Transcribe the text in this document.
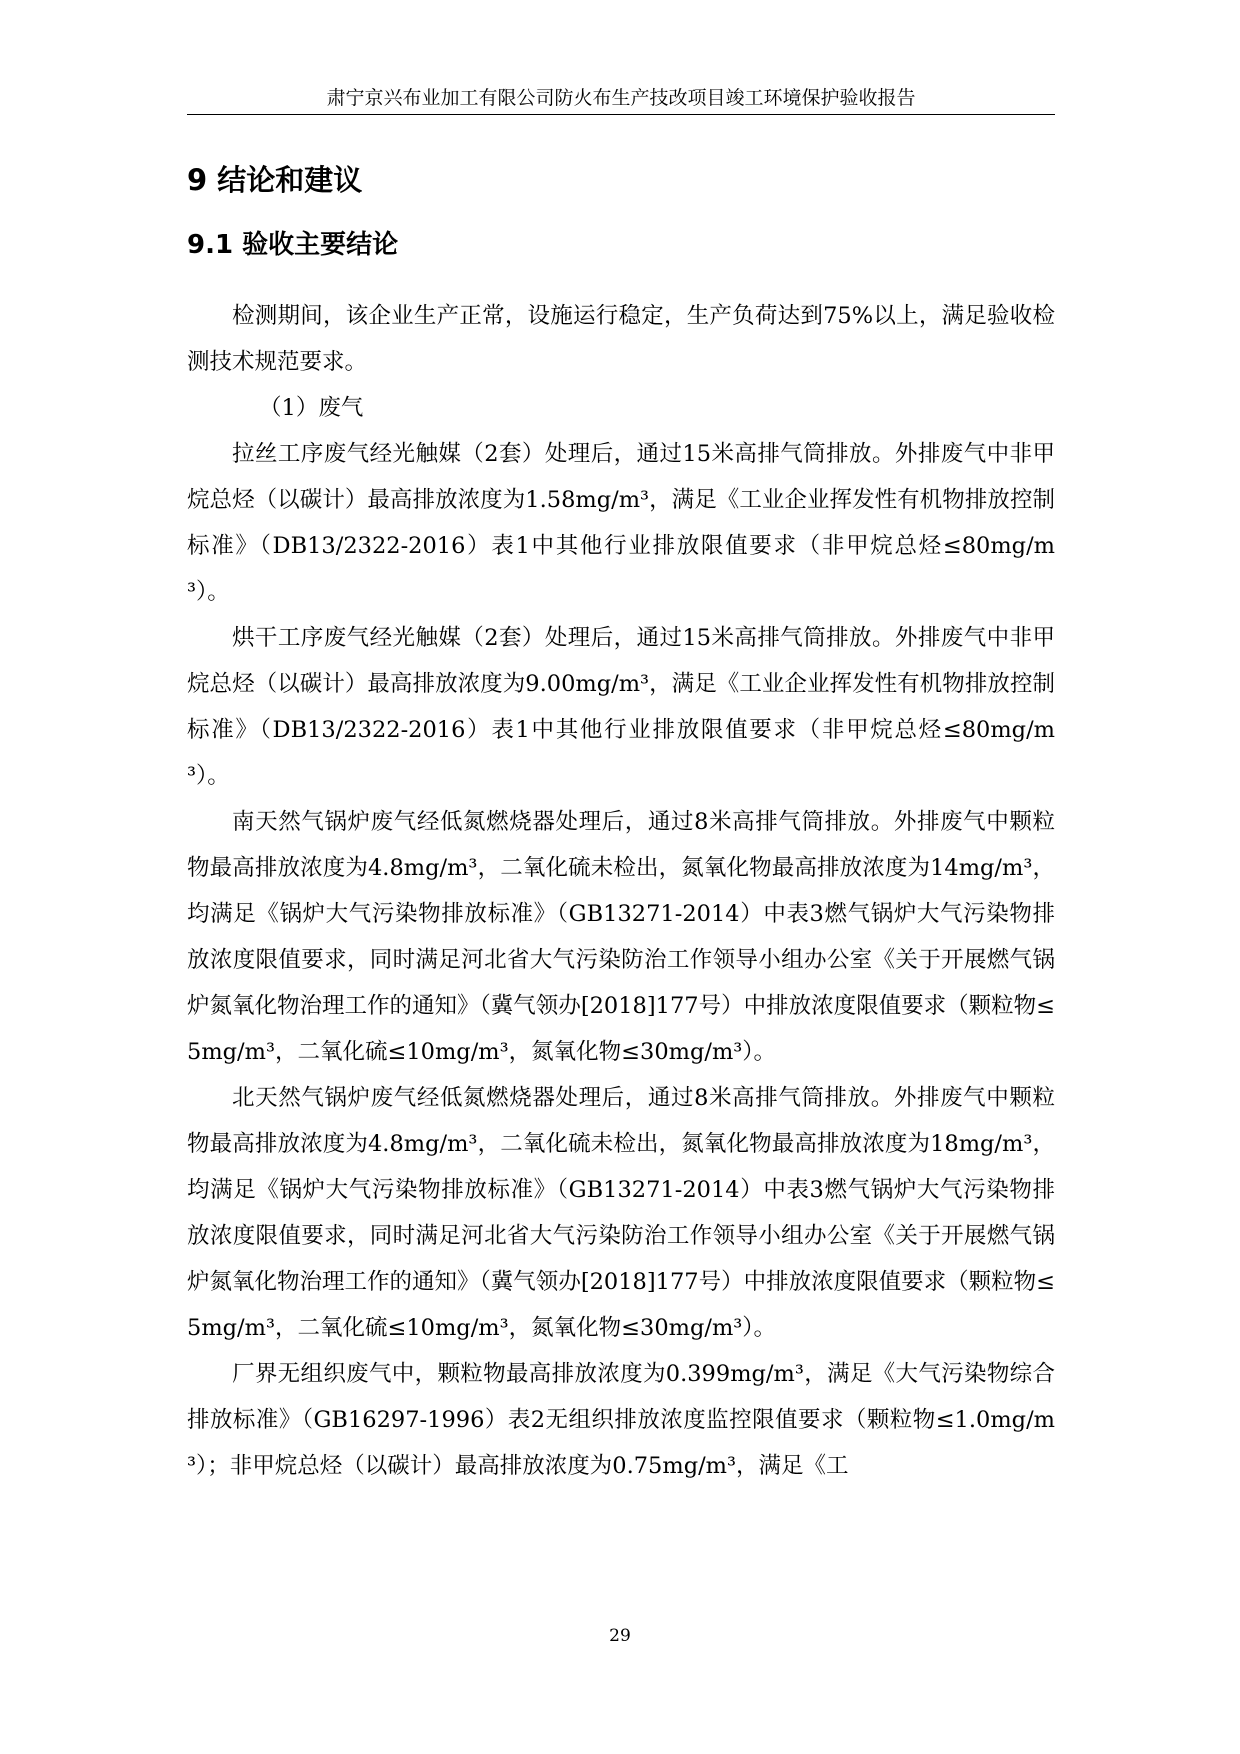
肃宁京兴布业加工有限公司防火布生产技改项目竣工环境保护验收报告
9 结论和建议
9.1 验收主要结论

检测期间，该企业生产正常，设施运行稳定，生产负荷达到75%以上，满足验收检测技术规范要求。

（1）废气

拉丝工序废气经光触媒（2套）处理后，通过15米高排气筒排放。外排废气中非甲烷总烃（以碳计）最高排放浓度为1.58mg/m³，满足《工业企业挥发性有机物排放控制标准》（DB13/2322-2016）表1中其他行业排放限值要求（非甲烷总烃≤80mg/m³）。

烘干工序废气经光触媒（2套）处理后，通过15米高排气筒排放。外排废气中非甲烷总烃（以碳计）最高排放浓度为9.00mg/m³，满足《工业企业挥发性有机物排放控制标准》（DB13/2322-2016）表1中其他行业排放限值要求（非甲烷总烃≤80mg/m³）。

南天然气锅炉废气经低氮燃烧器处理后，通过8米高排气筒排放。外排废气中颗粒物最高排放浓度为4.8mg/m³，二氧化硫未检出，氮氧化物最高排放浓度为14mg/m³，均满足《锅炉大气污染物排放标准》（GB13271-2014）中表3燃气锅炉大气污染物排放浓度限值要求，同时满足河北省大气污染防治工作领导小组办公室《关于开展燃气锅炉氮氧化物治理工作的通知》（冀气领办[2018]177号）中排放浓度限值要求（颗粒物≤5mg/m³，二氧化硫≤10mg/m³，氮氧化物≤30mg/m³）。

北天然气锅炉废气经低氮燃烧器处理后，通过8米高排气筒排放。外排废气中颗粒物最高排放浓度为4.8mg/m³，二氧化硫未检出，氮氧化物最高排放浓度为18mg/m³，均满足《锅炉大气污染物排放标准》（GB13271-2014）中表3燃气锅炉大气污染物排放浓度限值要求，同时满足河北省大气污染防治工作领导小组办公室《关于开展燃气锅炉氮氧化物治理工作的通知》（冀气领办[2018]177号）中排放浓度限值要求（颗粒物≤5mg/m³，二氧化硫≤10mg/m³，氮氧化物≤30mg/m³）。

厂界无组织废气中，颗粒物最高排放浓度为0.399mg/m³，满足《大气污染物综合排放标准》（GB16297-1996）表2无组织排放浓度监控限值要求（颗粒物≤1.0mg/m³）；非甲烷总烃（以碳计）最高排放浓度为0.75mg/m³，满足《工

29
